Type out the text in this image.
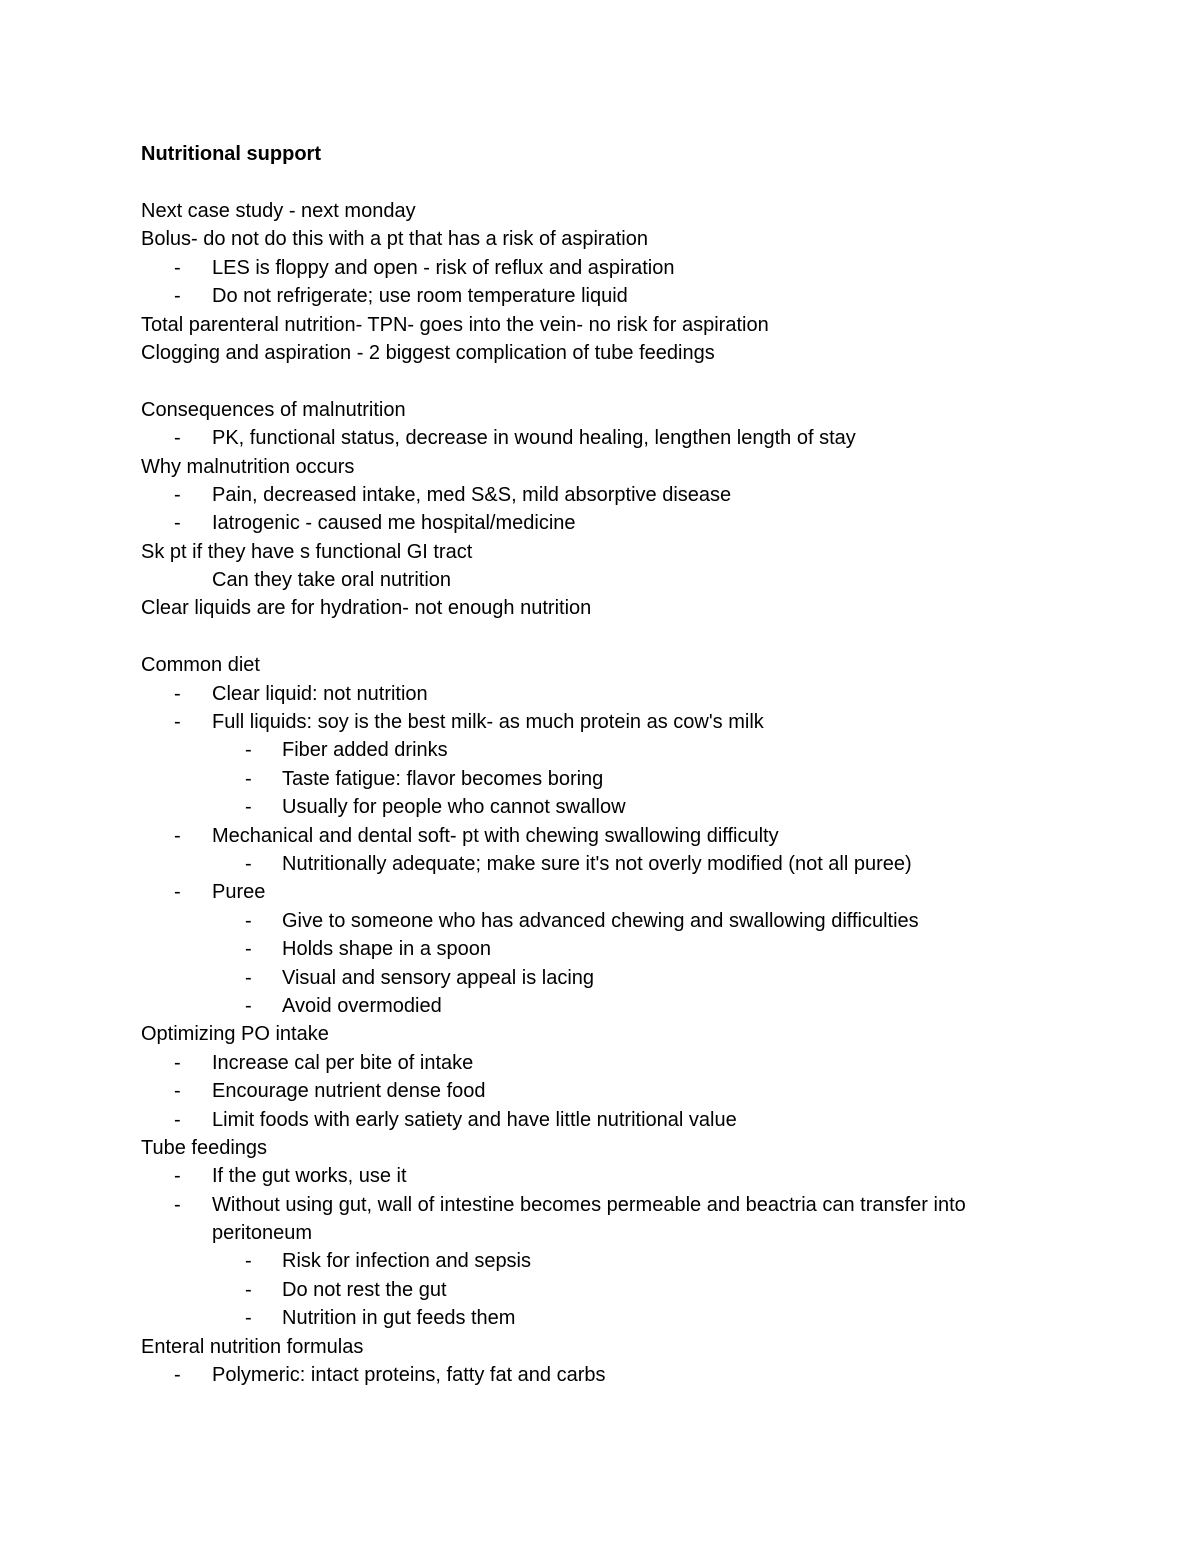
Nutritional support
Next case study - next monday
Bolus- do not do this with a pt that has a risk of aspiration
- LES is floppy and open - risk of reflux and aspiration
- Do not refrigerate; use room temperature liquid
Total parenteral nutrition- TPN- goes into the vein- no risk for aspiration
Clogging and aspiration - 2 biggest complication of tube feedings
Consequences of malnutrition
- PK, functional status, decrease in wound healing, lengthen length of stay
Why malnutrition occurs
- Pain, decreased intake, med S&S, mild absorptive disease
- Iatrogenic - caused me hospital/medicine
Sk pt if they have s functional GI tract
Can they take oral nutrition
Clear liquids are for hydration- not enough nutrition
Common diet
- Clear liquid: not nutrition
- Full liquids: soy is the best milk- as much protein as cow's milk
- Fiber added drinks
- Taste fatigue: flavor becomes boring
- Usually for people who cannot swallow
- Mechanical and dental soft- pt with chewing swallowing difficulty
- Nutritionally adequate; make sure it's not overly modified (not all puree)
- Puree
- Give to someone who has advanced chewing and swallowing difficulties
- Holds shape in a spoon
- Visual and sensory appeal is lacing
- Avoid overmodied
Optimizing PO intake
- Increase cal per bite of intake
- Encourage nutrient dense food
- Limit foods with early satiety and have little nutritional value
Tube feedings
- If the gut works, use it
- Without using gut, wall of intestine becomes permeable and beactria can transfer into
peritoneum
- Risk for infection and sepsis
- Do not rest the gut
- Nutrition in gut feeds them
Enteral nutrition formulas
- Polymeric: intact proteins, fatty fat and carbs
